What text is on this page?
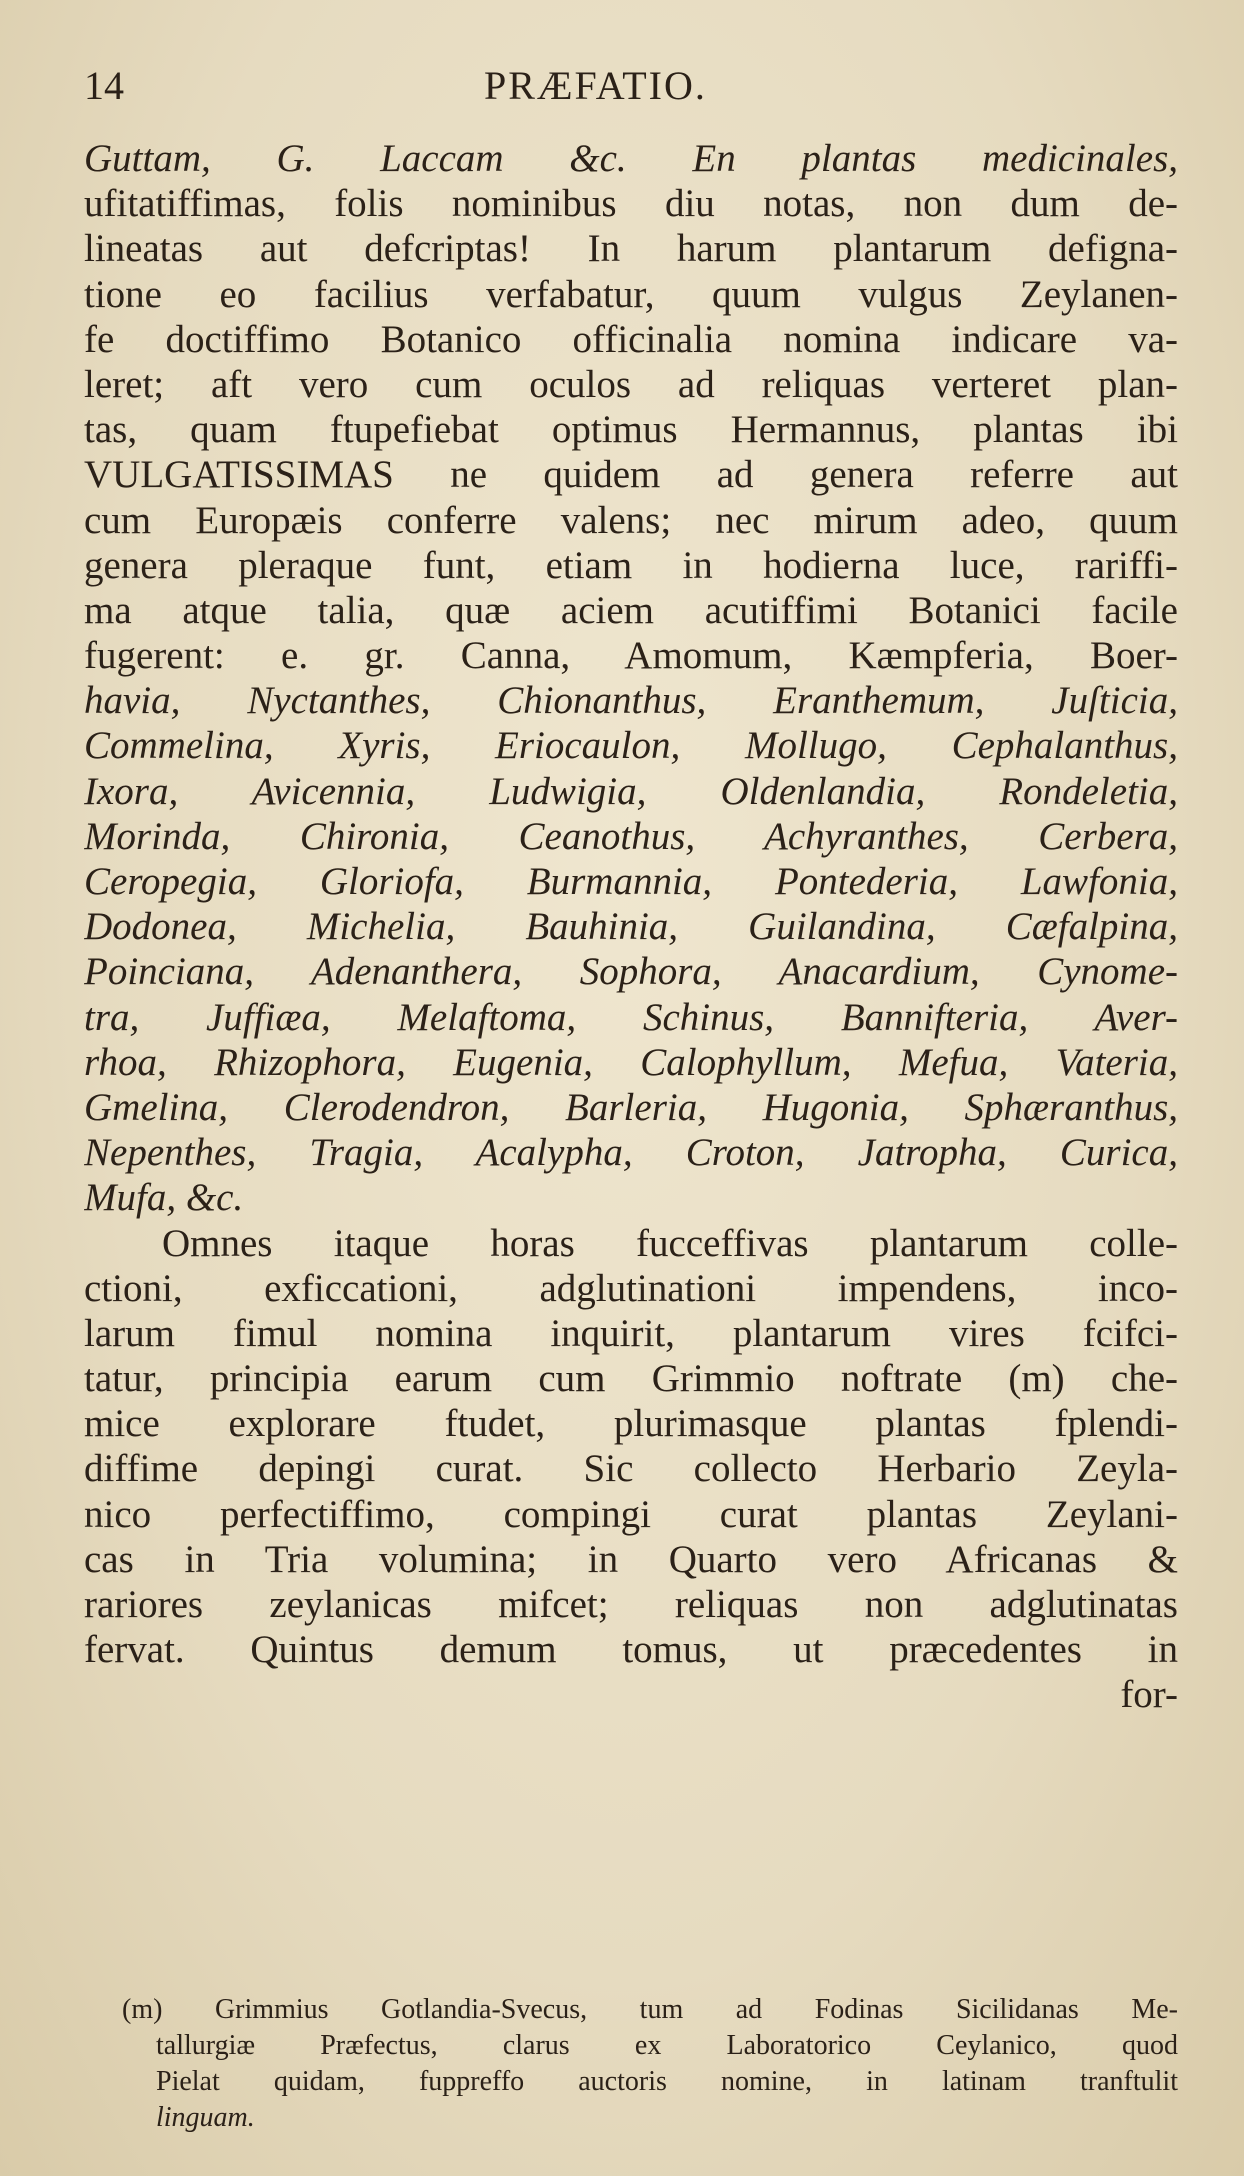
14	PRÆFATIO.
Guttam, G. Laccam &c. En plantas medicinales,
ufitatiffimas, folis nominibus diu notas, non dum de-
lineatas aut defcriptas! In harum plantarum defigna-
tione eo facilius verfabatur, quum vulgus Zeylanen-
fe doctiffimo Botanico officinalia nomina indicare va-
leret; aft vero cum oculos ad reliquas verteret plan-
tas, quam ftupefiebat optimus Hermannus, plantas ibi
VULGATISSIMAS ne quidem ad genera referre aut
cum Europæis conferre valens; nec mirum adeo, quum
genera pleraque funt, etiam in hodierna luce, rariffi-
ma atque talia, quæ aciem acutiffimi Botanici facile
fugerent: e. gr. Canna, Amomum, Kæmpferia, Boer-
havia, Nyctanthes, Chionanthus, Eranthemum, Juſticia,
Commelina, Xyris, Eriocaulon, Mollugo, Cephalanthus,
Ixora, Avicennia, Ludwigia, Oldenlandia, Rondeletia,
Morinda, Chironia, Ceanothus, Achyranthes, Cerbera,
Ceropegia, Gloriofa, Burmannia, Pontederia, Lawfonia,
Dodonea, Michelia, Bauhinia, Guilandina, Cæfalpina,
Poinciana, Adenanthera, Sophora, Anacardium, Cynome-
tra, Juffiæa, Melaftoma, Schinus, Bannifteria, Aver-
rhoa, Rhizophora, Eugenia, Calophyllum, Mefua, Vateria,
Gmelina, Clerodendron, Barleria, Hugonia, Sphæranthus,
Nepenthes, Tragia, Acalypha, Croton, Jatropha, Curica,
Mufa, &c.
Omnes itaque horas fucceffivas plantarum colle-
ctioni, exficcationi, adglutinationi impendens, inco-
larum fimul nomina inquirit, plantarum vires fcifci-
tatur, principia earum cum Grimmio noftrate (m) che-
mice explorare ftudet, plurimasque plantas fplendi-
diffime depingi curat. Sic collecto Herbario Zeyla-
nico perfectiffimo, compingi curat plantas Zeylani-
cas in Tria volumina; in Quarto vero Africanas &
rariores zeylanicas mifcet; reliquas non adglutinatas
fervat. Quintus demum tomus, ut præcedentes in
for-
(m) Grimmius Gotlandia-Svecus, tum ad Fodinas Sicilidanas Me-
tallurgiæ Præfectus, clarus ex Laboratorico Ceylanico, quod
Pielat quidam, fuppreffo auctoris nomine, in latinam tranftulit
linguam.
